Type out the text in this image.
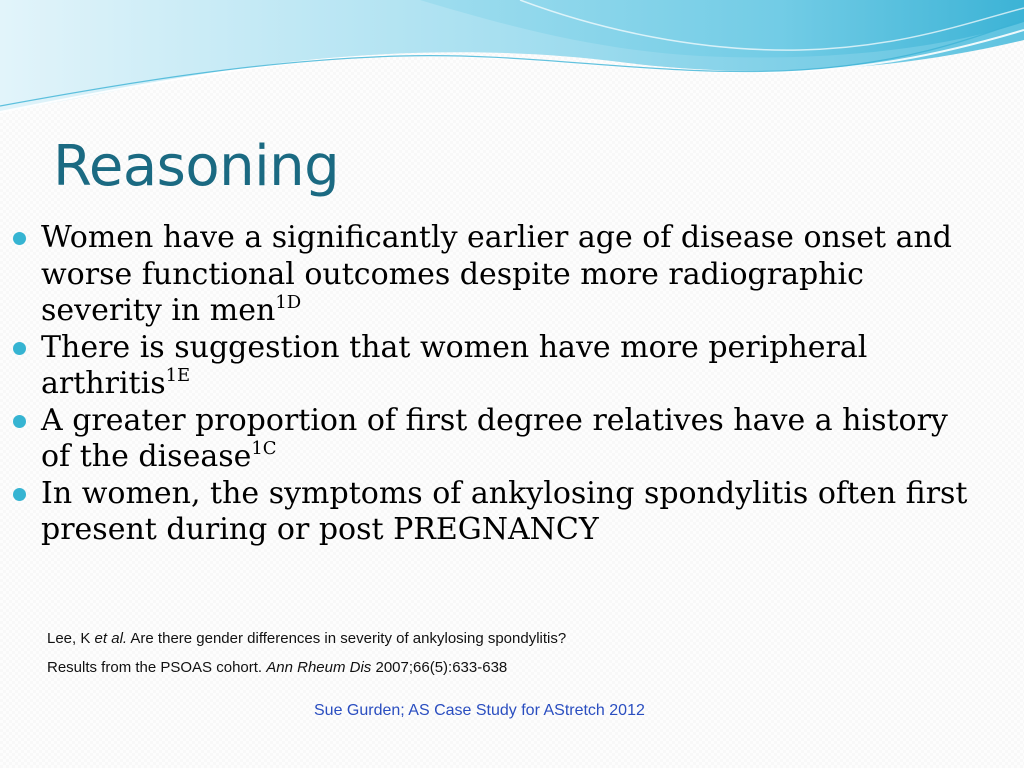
Reasoning
Women have a significantly earlier age of disease onset and worse functional outcomes despite more radiographic severity in men$^{1D}$
There is suggestion that women have more peripheral arthritis$^{1E}$
A greater proportion of first degree relatives have a history of the disease$^{1C}$
In women, the symptoms of ankylosing spondylitis often first present during or post PREGNANCY
Lee, K et al. Are there gender differences in severity of ankylosing spondylitis?
Results from the PSOAS cohort. Ann Rheum Dis 2007;66(5):633-638
Sue Gurden; AS Case Study for AStretch 2012
